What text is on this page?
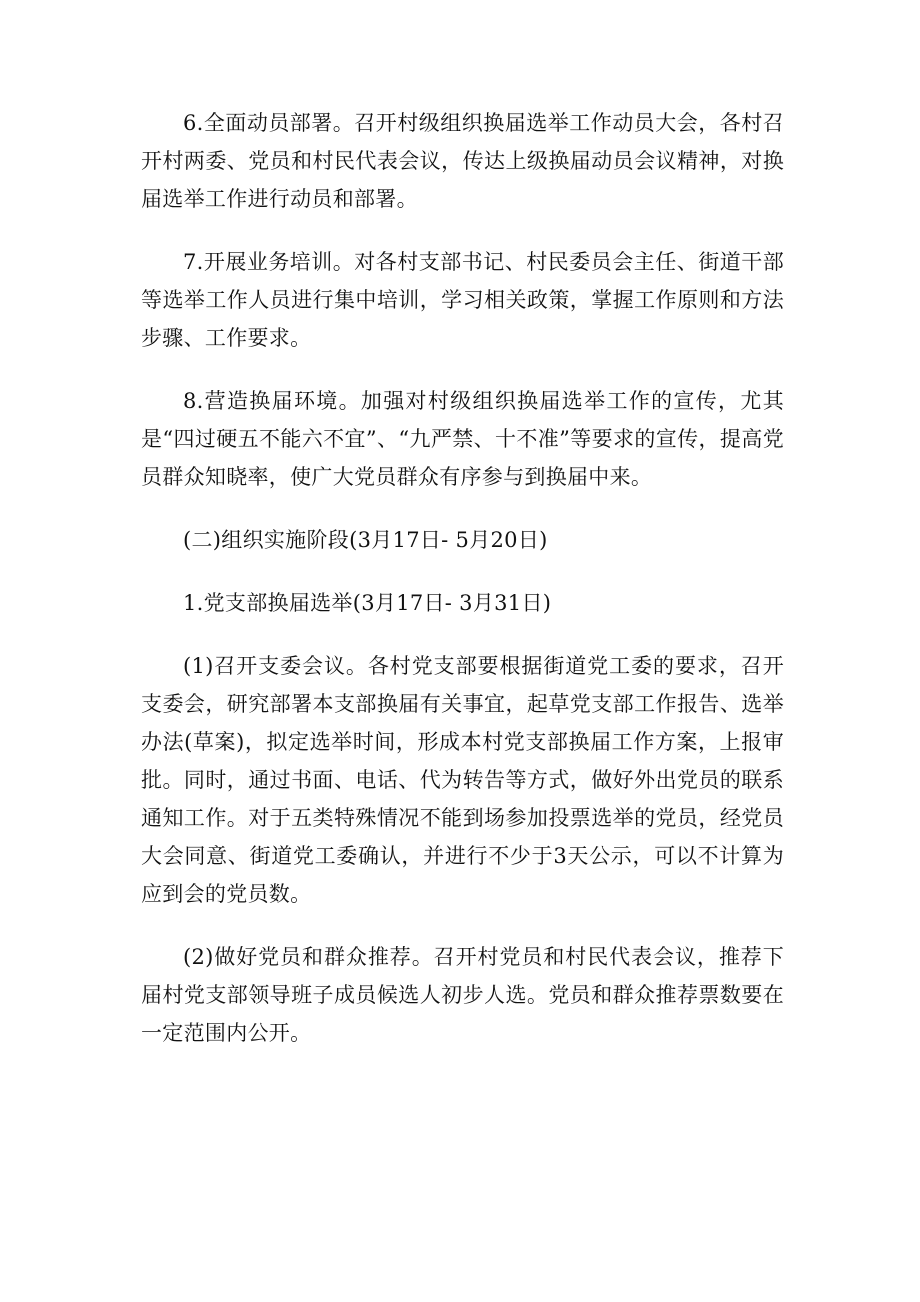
6.全面动员部署。召开村级组织换届选举工作动员大会，各村召开村两委、党员和村民代表会议，传达上级换届动员会议精神，对换届选举工作进行动员和部署。

7.开展业务培训。对各村支部书记、村民委员会主任、街道干部等选举工作人员进行集中培训，学习相关政策，掌握工作原则和方法步骤、工作要求。

8.营造换届环境。加强对村级组织换届选举工作的宣传，尤其是“四过硬五不能六不宜”、“九严禁、十不准”等要求的宣传，提高党员群众知晓率，使广大党员群众有序参与到换届中来。

(二)组织实施阶段(3月17日- 5月20日)

1.党支部换届选举(3月17日- 3月31日)

(1)召开支委会议。各村党支部要根据街道党工委的要求，召开支委会，研究部署本支部换届有关事宜，起草党支部工作报告、选举办法(草案)，拟定选举时间，形成本村党支部换届工作方案，上报审批。同时，通过书面、电话、代为转告等方式，做好外出党员的联系通知工作。对于五类特殊情况不能到场参加投票选举的党员，经党员大会同意、街道党工委确认，并进行不少于3天公示，可以不计算为应到会的党员数。

(2)做好党员和群众推荐。召开村党员和村民代表会议，推荐下届村党支部领导班子成员候选人初步人选。党员和群众推荐票数要在一定范围内公开。
